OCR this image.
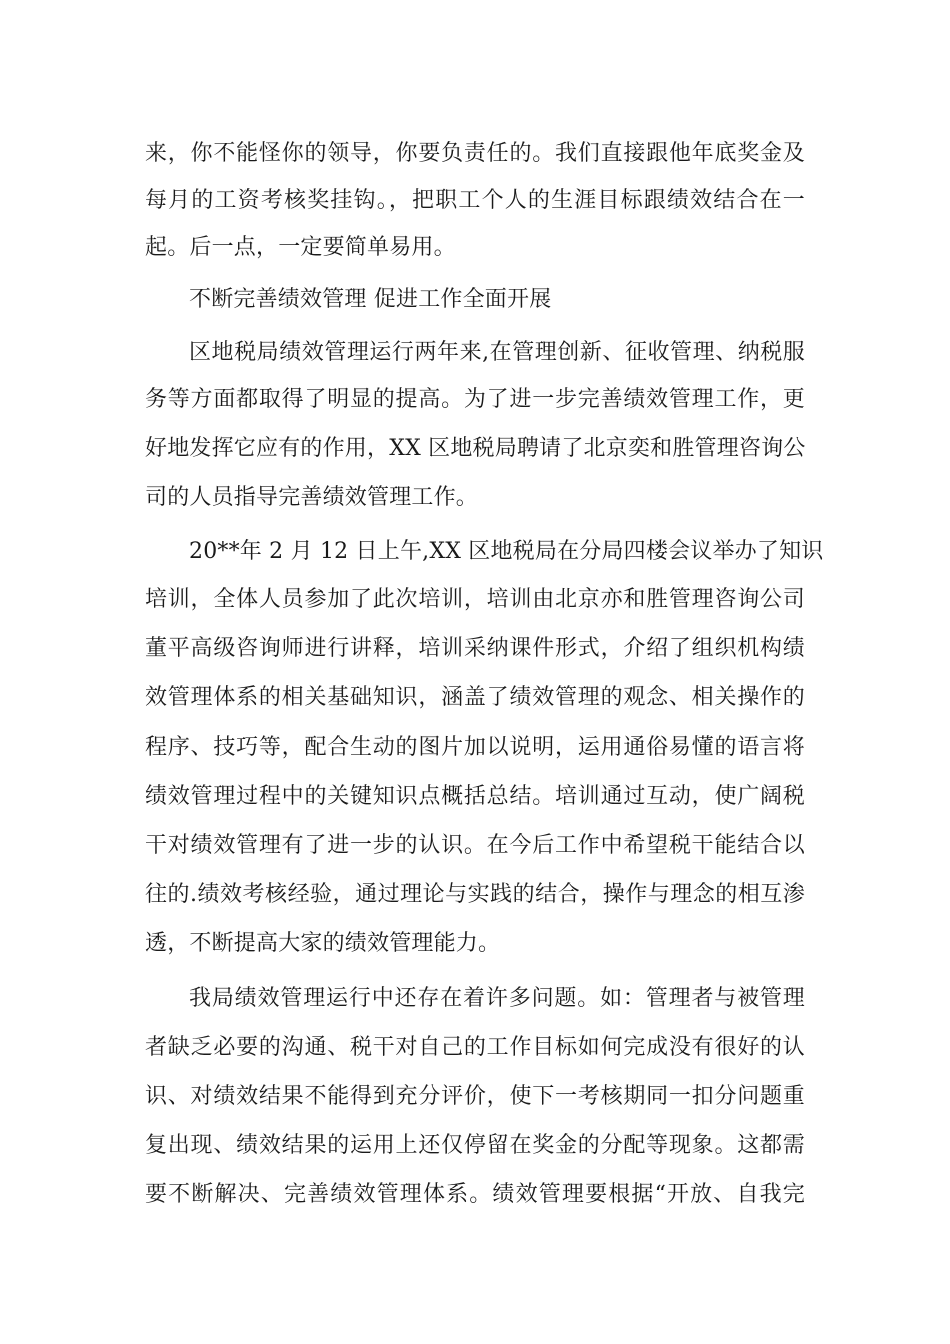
来，你不能怪你的领导，你要负责任的。我们直接跟他年底奖金及
每月的工资考核奖挂钩。，把职工个人的生涯目标跟绩效结合在一
起。后一点，一定要简单易用。
不断完善绩效管理 促进工作全面开展
区地税局绩效管理运行两年来,在管理创新、征收管理、纳税服
务等方面都取得了明显的提高。为了进一步完善绩效管理工作，更
好地发挥它应有的作用，XX 区地税局聘请了北京奕和胜管理咨询公
司的人员指导完善绩效管理工作。
20**年 2 月 12 日上午,XX 区地税局在分局四楼会议举办了知识
培训，全体人员参加了此次培训，培训由北京亦和胜管理咨询公司
董平高级咨询师进行讲释，培训采纳课件形式，介绍了组织机构绩
效管理体系的相关基础知识，涵盖了绩效管理的观念、相关操作的
程序、技巧等，配合生动的图片加以说明，运用通俗易懂的语言将
绩效管理过程中的关键知识点概括总结。培训通过互动，使广阔税
干对绩效管理有了进一步的认识。在今后工作中希望税干能结合以
往的.绩效考核经验，通过理论与实践的结合，操作与理念的相互渗
透，不断提高大家的绩效管理能力。
我局绩效管理运行中还存在着许多问题。如：管理者与被管理
者缺乏必要的沟通、税干对自己的工作目标如何完成没有很好的认
识、对绩效结果不能得到充分评价，使下一考核期同一扣分问题重
复出现、绩效结果的运用上还仅停留在奖金的分配等现象。这都需
要不断解决、完善绩效管理体系。绩效管理要根据“开放、自我完
